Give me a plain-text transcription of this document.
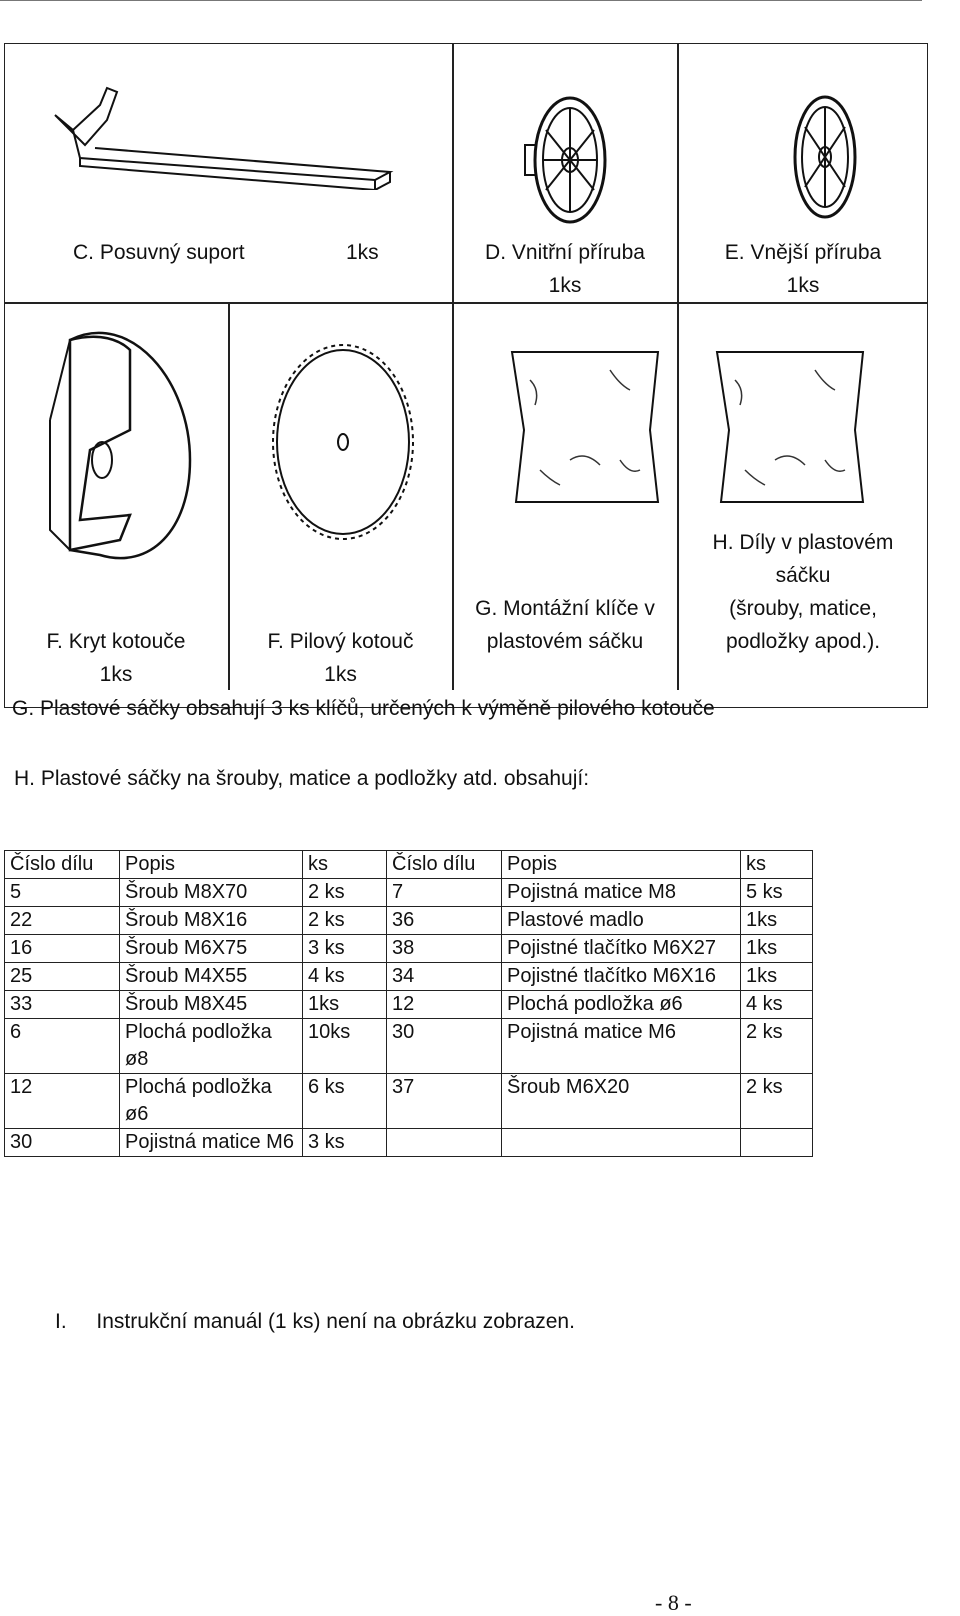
C. Posuvný suport	1ks	D. Vnitřní příruba
1ks
E. Vnější příruba
1ks
F. Kryt kotouče
1ks
F. Pilový kotouč
1ks
G. Montážní klíče v
plastovém sáčku
H. Díly v plastovém
sáčku
(šrouby, matice,
podložky apod.).
G. Plastové sáčky obsahují 3 ks klíčů, určených k výměně pilového kotouče
H. Plastové sáčky na šrouby, matice a podložky atd. obsahují:
Číslo dílu	Popis	ks	Číslo dílu	Popis	ks
5	Šroub M8X70	2 ks	7	Pojistná matice M8	5 ks
22	Šroub M8X16	2 ks	36	Plastové madlo	1ks
16	Šroub M6X75	3 ks	38	Pojistné tlačítko M6X27	1ks
25	Šroub M4X55	4 ks	34	Pojistné tlačítko M6X16	1ks
33	Šroub M8X45	1ks	12	Plochá podložka ø6	4 ks
6	Plochá podložka ø8	10ks	30	Pojistná matice M6	2 ks
12	Plochá podložka ø6	6 ks	37	Šroub M6X20	2 ks
30	Pojistná matice M6	3 ks			
I. Instrukční manuál (1 ks) není na obrázku zobrazen.
- 8 -
